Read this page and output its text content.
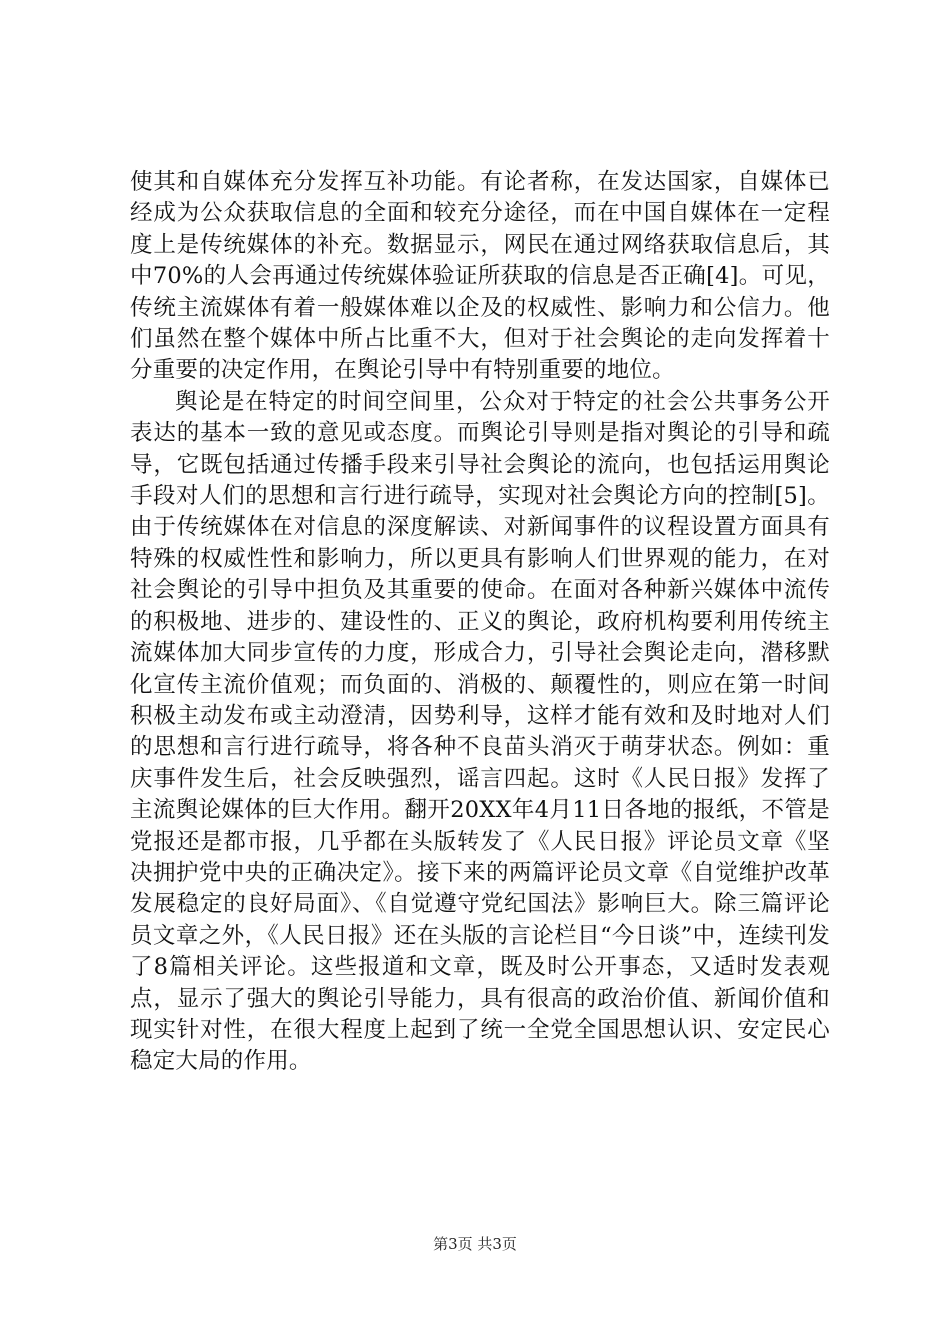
使其和自媒体充分发挥互补功能。有论者称，在发达国家，自媒体已经成为公众获取信息的全面和较充分途径，而在中国自媒体在一定程度上是传统媒体的补充。数据显示，网民在通过网络获取信息后，其中70%的人会再通过传统媒体验证所获取的信息是否正确[4]。可见，传统主流媒体有着一般媒体难以企及的权威性、影响力和公信力。他们虽然在整个媒体中所占比重不大，但对于社会舆论的走向发挥着十分重要的决定作用，在舆论引导中有特别重要的地位。

舆论是在特定的时间空间里，公众对于特定的社会公共事务公开表达的基本一致的意见或态度。而舆论引导则是指对舆论的引导和疏导，它既包括通过传播手段来引导社会舆论的流向，也包括运用舆论手段对人们的思想和言行进行疏导，实现对社会舆论方向的控制[5]。由于传统媒体在对信息的深度解读、对新闻事件的议程设置方面具有特殊的权威性性和影响力，所以更具有影响人们世界观的能力，在对社会舆论的引导中担负及其重要的使命。在面对各种新兴媒体中流传的积极地、进步的、建设性的、正义的舆论，政府机构要利用传统主流媒体加大同步宣传的力度，形成合力，引导社会舆论走向，潜移默化宣传主流价值观；而负面的、消极的、颠覆性的，则应在第一时间积极主动发布或主动澄清，因势利导，这样才能有效和及时地对人们的思想和言行进行疏导，将各种不良苗头消灭于萌芽状态。例如：重庆事件发生后，社会反映强烈，谣言四起。这时《人民日报》发挥了主流舆论媒体的巨大作用。翻开20XX年4月11日各地的报纸，不管是党报还是都市报，几乎都在头版转发了《人民日报》评论员文章《坚决拥护党中央的正确决定》。接下来的两篇评论员文章《自觉维护改革发展稳定的良好局面》、《自觉遵守党纪国法》影响巨大。除三篇评论员文章之外，《人民日报》还在头版的言论栏目“今日谈”中，连续刊发了8篇相关评论。这些报道和文章，既及时公开事态，又适时发表观点，显示了强大的舆论引导能力，具有很高的政治价值、新闻价值和现实针对性，在很大程度上起到了统一全党全国思想认识、安定民心稳定大局的作用。

第3页 共3页
